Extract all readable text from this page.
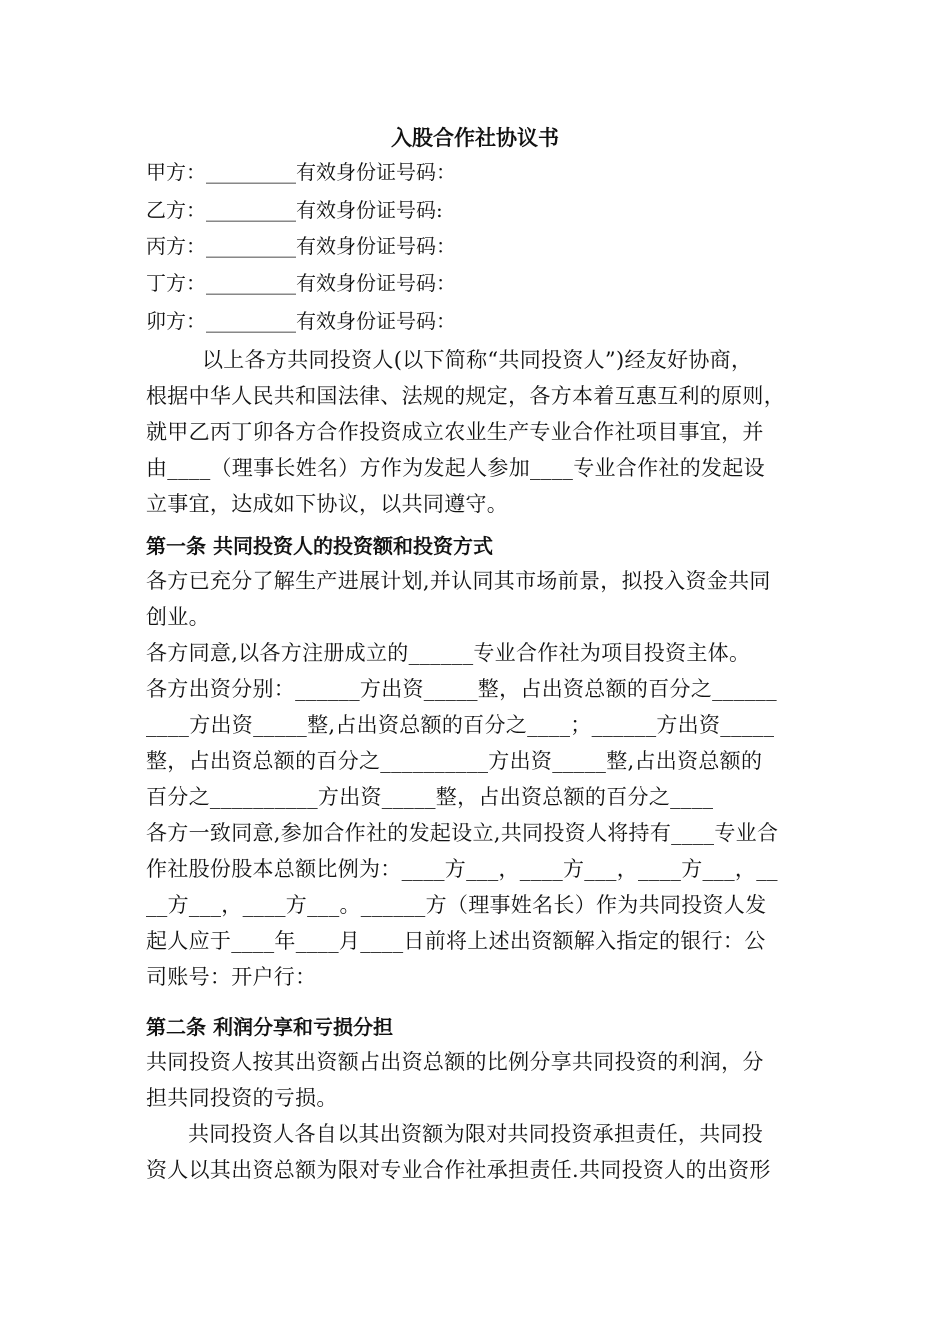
入股合作社协议书

甲方：_________有效身份证号码：

乙方：_________有效身份证号码:

丙方：_________有效身份证号码：

丁方：_________有效身份证号码：

卯方：_________有效身份证号码：

以上各方共同投资人(以下简称“共同投资人”)经友好协商，
根据中华人民共和国法律、法规的规定，各方本着互惠互利的原则，
就甲乙丙丁卯各方合作投资成立农业生产专业合作社项目事宜，并
由____（理事长姓名）方作为发起人参加____专业合作社的发起设
立事宜，达成如下协议，以共同遵守。
第一条 共同投资人的投资额和投资方式
各方已充分了解生产进展计划,并认同其市场前景，拟投入资金共同
创业。
各方同意,以各方注册成立的______专业合作社为项目投资主体。
各方出资分别：______方出资_____整，占出资总额的百分之______
____方出资_____整,占出资总额的百分之____；______方出资_____
整，占出资总额的百分之__________方出资_____整,占出资总额的
百分之__________方出资_____整，占出资总额的百分之____
各方一致同意,参加合作社的发起设立,共同投资人将持有____专业合
作社股份股本总额比例为：____方___，____方___，____方___，__
__方___，____方___。______方（理事姓名长）作为共同投资人发
起人应于____年____月____日前将上述出资额解入指定的银行：公
司账号：开户行：
第二条 利润分享和亏损分担
共同投资人按其出资额占出资总额的比例分享共同投资的利润，分
担共同投资的亏损。
共同投资人各自以其出资额为限对共同投资承担责任，共同投
资人以其出资总额为限对专业合作社承担责任.共同投资人的出资形
